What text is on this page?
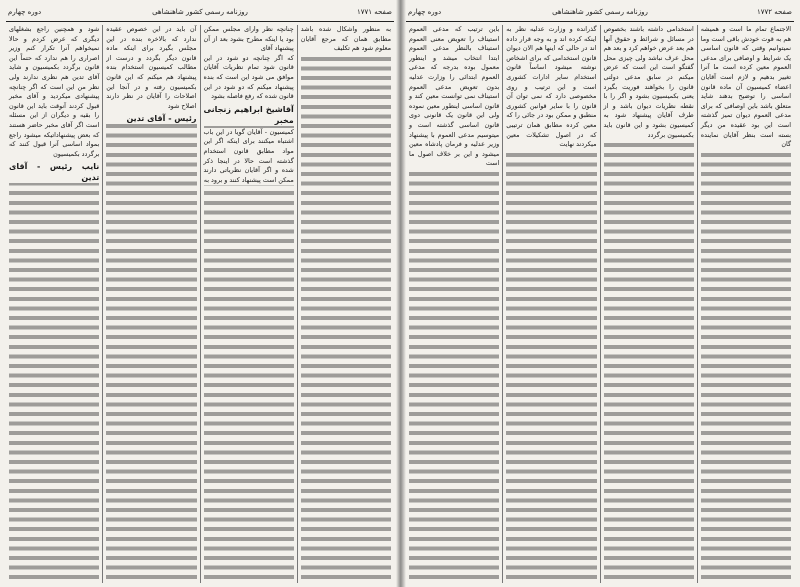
صفحه ۱۷۷۱
روزنامه رسمی کشور شاهنشاهی
دوره چهارم

به منظور واشکال شده باشد مطابق همان که مرجع آقایان معلوم شود هم تکلیف

چنانچه نظر وارای مجلس ممکن بود یا اینکه مطرح بشود بعد از آن پیشنهاد آقای

که اگر چنانچه دو شود در این قانون شود تمام نظریات آقایان موافق می شود این است که بنده پیشنهاد میکنم که دو شود در این قانون شده که رفع فاصله بشود

آقاشیخ ابراهیم زنجانی مخبر

کمیسیون - آقایان گویا در این باب اشتباه میکنند برای اینکه اگر این مواد مطابق قانون استخدام گذشته است حالا در اینجا ذکر شده و اگر آقایان نظریاتی دارند ممکن است پیشنهاد کنند و برود به

آن باید در این خصوص عقیده ندارد که بالاخره بنده در این مجلس بگیرد برای اینکه ماده قانون دیگر بگردد و درست از مطالب کمیسیون استخدام بنده پیشنهاد هم میکنم که این قانون بکمیسیون رفته و در آنجا این اصلاحات را آقایان در نظر دارند اصلاح شود

رئیس - آقای تدین

شود و همچنین راجع بشغلهای دیگری که عرض کردم و حالا نمیخواهم آنرا تکرار کنم وزیر اصراری را هم ندارد که حتماً این قانون برگردد بکمیسیون و شاید آقای تدین هم نظری ندارند ولی نظر من این است که اگر چنانچه پیشنهادی میکردید و آقای مخبر قبول کردند آنوقت باید این قانون را بقیه و دیگران از این مسئله است اگر آقای مخبر حاضر هستند که بعض پیشنهاداتیکه میشود راجع بمواد اساسی آنرا قبول کنند که برگردد بکمیسیون

نایب رئیس - آقای تدین
صفحه ۱۷۷۲
روزنامه رسمی کشور شاهنشاهی
دوره چهارم

الاجتماع تمام ما است و همیشه هم به قوت خودش باقی است وما نمیتوانیم وقتی که قانون اساسی یک شرایط و اوصافی برای مدعی العموم معین کرده است ما آنرا تغییر بدهیم و لازم است آقایان اعضاء کمیسیون آن ماده قانون اساسی را توضیح بدهند شاید متعلق باشد باین اوصافی که برای مدعی العموم دیوان تمیز گذشته است این بود عقیده من دیگر بسته است بنظر آقایان نماینده گان

استخدامی داشته باشند بخصوص در مسائل و شرائط و حقوق آنها هم بعد عرض خواهم کرد و بعد هم محل عرف نباشد ولی چیزی محل گفتگو است این است که عرض میکنم در سابق مدعی دولتی قانون را بخواهند فوریت بگیرد یعنی بکمیسیون بشود و اگر را با نقطه نظریات دیوان باشد و از طرف آقایان پیشنهاد شود به کمیسیون بشود و این قانون باید بکمیسیون برگردد

گذرانده و وزارت عدلیه نظر به اینکه کرده اند و به وجه قرار داده اند در حالی که اینها هم الان دیوان قانون استخدامی که برای اشخاص نوشته میشود اساساً قانون استخدام سایر ادارات کشوری است و این ترتیب و روی مخصوصی دارد که نمی توان آن قانون را با سایر قوانین کشوری منطبق و ممکن بود در جائی را که معین کرده مطابق همان ترتیبی که در اصول تشکیلات معین میکردند نهایت

باین ترتیب که مدعی العموم استیناف را تعویض معنی العموم استیناف بالنظر مدعی العموم ابتدا انتخاب میشد و اینطور معمول بوده بدرجه که مدعی العموم ابتدائی را وزارت عدلیه بدون تعویض مدعی العموم استیناف نمی توانست معین کند و قانون اساسی اینطور معین نموده ولی این قانون یک قانونی دوی قانون اساسی گذشته است و میتوسیم مدعی العموم با پیشنهاد وزیر عدلیه و فرمان پادشاه معین میشود و این بر خلاف اصول ما است
